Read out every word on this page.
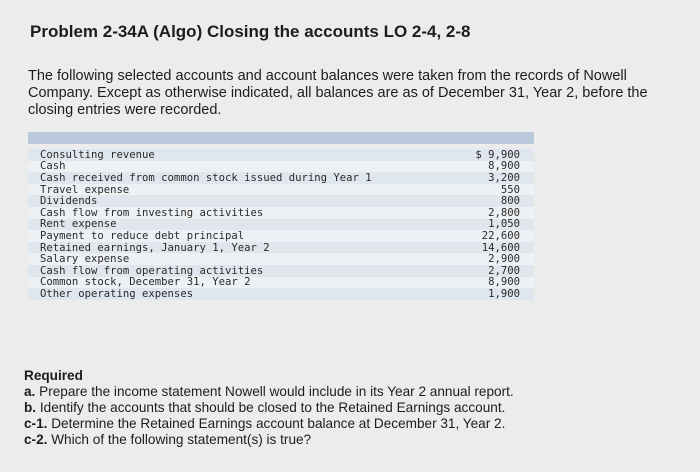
Problem 2-34A (Algo) Closing the accounts LO 2-4, 2-8

The following selected accounts and account balances were taken from the records of Nowell Company. Except as otherwise indicated, all balances are as of December 31, Year 2, before the closing entries were recorded.

Consulting revenue	$ 9,900
Cash	8,900
Cash received from common stock issued during Year 1	3,200
Travel expense	550
Dividends	800
Cash flow from investing activities	2,800
Rent expense	1,050
Payment to reduce debt principal	22,600
Retained earnings, January 1, Year 2	14,600
Salary expense	2,900
Cash flow from operating activities	2,700
Common stock, December 31, Year 2	8,900
Other operating expenses	1,900

Required

a. Prepare the income statement Nowell would include in its Year 2 annual report.

b. Identify the accounts that should be closed to the Retained Earnings account.

c-1. Determine the Retained Earnings account balance at December 31, Year 2.

c-2. Which of the following statement(s) is true?
